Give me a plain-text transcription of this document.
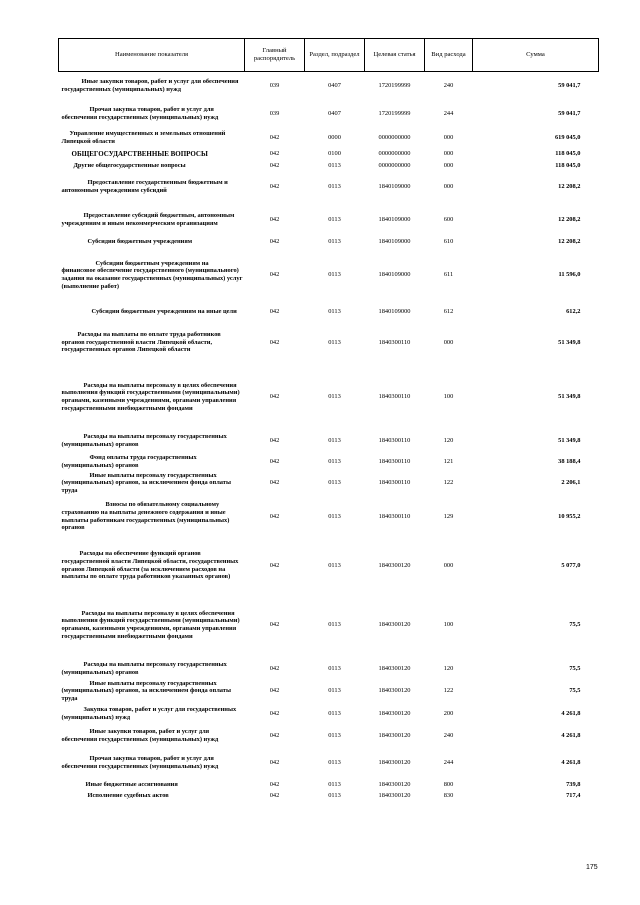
Наименование показателя	Главный распорядитель	Раздел, подраздел	Целевая статья	Вид расхода	Сумма
Иные закупки товаров, работ и услуг для обеспечения государственных (муниципальных) нужд	039	0407	1720199999	240	59 041,7
Прочая закупка товаров, работ и услуг для обеспечения государственных (муниципальных) нужд	039	0407	1720199999	244	59 041,7
Управление имущественных и земельных отношений Липецкой области	042	0000	0000000000	000	619 045,0
ОБЩЕГОСУДАРСТВЕННЫЕ ВОПРОСЫ	042	0100	0000000000	000	118 045,0
Другие общегосударственные вопросы	042	0113	0000000000	000	118 045,0
Предоставление государственным бюджетным и автономным учреждениям субсидий	042	0113	1840109000	000	12 208,2
Предоставление субсидий бюджетным, автономным учреждениям и иным некоммерческим организациям	042	0113	1840109000	600	12 208,2
Субсидии бюджетным учреждениям	042	0113	1840109000	610	12 208,2
Субсидии бюджетным учреждениям на финансовое обеспечение государственного (муниципального) задания на оказание государственных (муниципальных) услуг (выполнение работ)	042	0113	1840109000	611	11 596,0
Субсидии бюджетным учреждениям на иные цели	042	0113	1840109000	612	612,2
Расходы на выплаты по оплате труда работников органов государственной власти Липецкой области, государственных органов Липецкой области	042	0113	1840300110	000	51 349,8
Расходы на выплаты персоналу в целях обеспечения выполнения функций государственными (муниципальными) органами, казенными учреждениями, органами управления государственными внебюджетными фондами	042	0113	1840300110	100	51 349,8
Расходы на выплаты персоналу государственных (муниципальных) органов	042	0113	1840300110	120	51 349,8
Фонд оплаты труда государственных (муниципальных) органов	042	0113	1840300110	121	38 188,4
Иные выплаты персоналу государственных (муниципальных) органов, за исключением фонда оплаты труда	042	0113	1840300110	122	2 206,1
Взносы по обязательному социальному страхованию на выплаты денежного содержания и иные выплаты работникам государственных (муниципальных) органов	042	0113	1840300110	129	10 955,2
Расходы на обеспечение функций органов государственной власти Липецкой области, государственных органов Липецкой области (за исключением расходов на выплаты по оплате труда работников указанных органов)	042	0113	1840300120	000	5 077,0
Расходы на выплаты персоналу в целях обеспечения выполнения функций государственными (муниципальными) органами, казенными учреждениями, органами управления государственными внебюджетными фондами	042	0113	1840300120	100	75,5
Расходы на выплаты персоналу государственных (муниципальных) органов	042	0113	1840300120	120	75,5
Иные выплаты персоналу государственных (муниципальных) органов, за исключением фонда оплаты труда	042	0113	1840300120	122	75,5
Закупка товаров, работ и услуг для государственных (муниципальных) нужд	042	0113	1840300120	200	4 261,8
Иные закупки товаров, работ и услуг для обеспечения государственных (муниципальных) нужд	042	0113	1840300120	240	4 261,8
Прочая закупка товаров, работ и услуг для обеспечения государственных (муниципальных) нужд	042	0113	1840300120	244	4 261,8
Иные бюджетные ассигнования	042	0113	1840300120	800	739,8
Исполнение судебных актов	042	0113	1840300120	830	717,4
175
